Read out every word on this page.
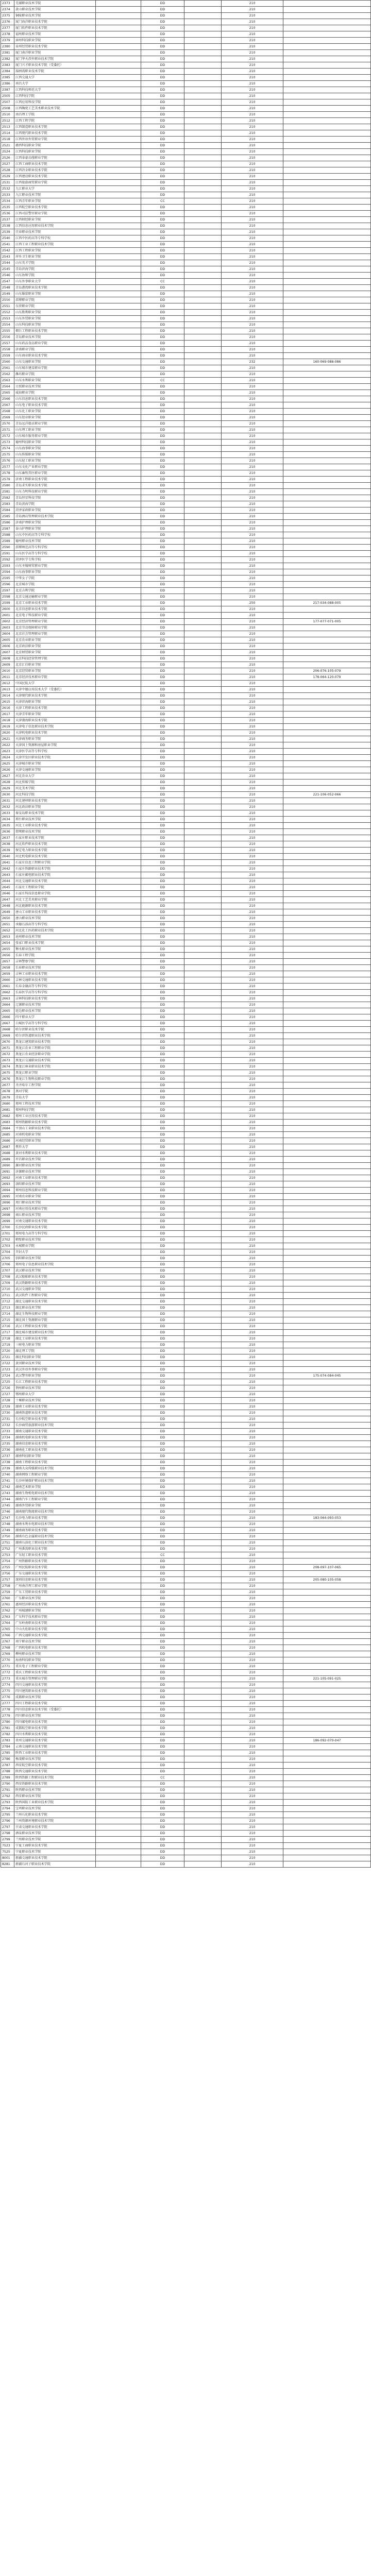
2373	芜湖职业技术学院		DD		210	
2374	黄山职业技术学院		DD		210	
2375	铜陵职业技术学院		DD		210	
2376	厦门海洋职业技术学院		DD		210	
2377	厦门软件职业技术学院		DD		210	
2378	福州职业技术学院		DD		210	
2379	漳州科技职业学院		DD		210	
2380	泉州经贸职业技术学院		DD		210	
2381	厦门南洋职业学院		DD		210	
2382	厦门华天涉外职业技术学院		DD		210	
2383	厦门兴才职业技术学院（受委托）		DD		210	
2384	湄洲湾职业技术学院		DD		210	
2385	江西交通大学		DD		210	
2386	南昌大学		DD		210	
2387	江西科技师范大学		DD		210	
2505	江西科技学院		DD		210	
2507	江西应用科技学院		DD		210	
2508	江西陶瓷工艺美术职业技术学院		DD		210	
2510	南昌理工学院		DD		210	
2512	江西工程学院		DD		210	
2513	江西制造职业技术学院		DD		210	
2514	江西现代职业技术学院		DD		210	
2518	江西外语外贸职业学院		DD		210	
2521	赣西科技职业学院		DD		210	
2524	江西科技职业学院		DD		210	
2526	江西泰豪动漫职业学院		DD		210	
2527	江西工商职业技术学院		DD		210	
2528	江西冶金职业技术学院		DD		210	
2529	江西建设职业技术学院		DD		210	
2531	江西旅游商贸职业学院		DD		210	
2532	九江职业大学		DD		210	
2533	九江职业技术学院		DD		210	
2534	江西青年职业学院		CC		210	
2535	江西航空职业技术学院		DD		210	
2536	江西司法警官职业学院		DD		210	
2537	江西财经职业学院		DD		210	
2538	江西信息应用职业技术学院		DD		210	
2539	宜春职业技术学院		DD		210	
2540	江西中医药高等专科学校		DD		210	
2541	江西工业工程职业技术学院		DD		210	
2542	江西工程职业学院		DD		210	
2543	萍乡卫生职业学院		DD		210	
2544	山东英才学院		DD		210	
2545	青岛滨海学院		DD		210	
2546	山东协和学院		DD		210	
2547	山东外事职业大学		CC		210	
2548	青岛港湾职业技术学院		DD		210	
2549	山东服装职业学院		DD		210	
2550	淄博职业学院		DD		210	
2551	东营职业学院		DD		210	
2552	山东胜利职业学院		DD		210	
2553	山东外贸职业学院		DD		210	
2554	山东科技职业学院		DD		210	
2555	烟台工程职业技术学院		DD		210	
2556	青岛职业技术学院		DD		210	
2557	山东药品食品职业学院		DD		210	
2558	济南职业学院		DD		210	
2559	山东商业职业技术学院		DD		210	
2560	山东交通职业学院		DD		232	160-069-088-086
2561	山东城市建设职业学院		DD		210	
2562	潍坊职业学院		DD		210	
2563	山东水利职业学院		CC		210	
2564	日照职业技术学院		DD		210	
2565	威海职业学院		DD		210	
2566	山东信息职业技术学院		DD		210	
2567	山东电子职业技术学院		DD		210	
2568	山东化工职业学院		DD		210	
2569	山东铝业职业学院		DD		210	
2570	青岛远洋船员职业学院		DD		210	
2571	山东理工职业学院		DD		210	
2572	山东城市服务职业学院		DD		210	
2573	德州科技职业学院		DD		210	
2574	山东海事职业学院		DD		210	
2575	山东传媒职业学院		DD		210	
2576	山东轻工职业学院		DD		210	
2577	山东文化产业职业学院		DD		210	
2578	山东畜牧兽医职业学院		DD		210	
2579	济南工程职业技术学院		DD		210	
2580	青岛求实职业技术学院		DD		210	
2581	山东力明科技职业学院		DD		210	
2582	青岛恒星科技学院		DD		210	
2583	青岛黄海学院		DD		210	
2584	菏泽家政职业学院		DD		210	
2585	青岛酒店管理职业技术学院		DD		210	
2586	济南护理职业学院		DD		210	
2587	泰山护理职业学院		DD		210	
2588	山东中医药高等专科学校		DD		210	
2589	德州职业技术学院		DD		210	
2590	淄博师范高等专科学校		DD		210	
2591	山东医学高等专科学校		DD		210	
2592	菏泽医学专科学校		DD		210	
2593	山东圣翰财贸职业学院		DD		210	
2594	山东海事职业学院		DD		210	
2595	中华女子学院		DD		210	
2596	北京城市学院		DD		210	
2597	北京吉利学院		DD		210	
2598	北京交通运输职业学院		DD		210	
2599	北京工业职业技术学院		DD		250	217-034-088-005
2600	北京信息职业技术学院		DD		210	
2601	北京电子科技职业学院		DD		210	
2602	北京经济管理职业学院		DD		210	177-077-071-005
2603	北京劳动保障职业学院		DD		210	
2604	北京社会管理职业学院		DD		210	
2605	北京农业职业学院		DD		210	
2606	北京政法职业学院		DD		210	
2607	北京财贸职业学院		DD		210	
2608	北京科技经营管理学院		DD		210	
2609	北京汇佳职业学院		DD		210	
2610	北京经贸职业学院		DD		210	206-076-105-079
2611	北京经济技术职业学院		DD		210	178-064-120-079
2612	中国民航大学		DD		210	
2613	天津中德应用技术大学（受委托）		DD		210	
2614	天津现代职业技术学院		DD		210	
2615	天津滨海职业学院		DD		210	
2616	天津工程职业技术学院		DD		210	
2617	天津青年职业学院		DD		210	
2618	天津渤海职业技术学院		DD		210	
2619	天津电子信息职业技术学院		DD		210	
2620	天津机电职业技术学院		DD		210	
2621	天津商务职业学院		DD		210	
2622	天津国土资源和房屋职业学院		DD		210	
2623	天津医学高等专科学校		DD		210	
2624	天津开发区职业技术学院		DD		210	
2625	天津城市职业学院		DD		210	
2626	天津交通职业学院		DD		210	
2627	河北农业大学		DD		210	
2628	河北传媒学院		DD		210	
2629	河北美术学院		DD		210	
2630	河北科技学院		DD		210	221-106-052-066
2631	河北建材职业技术学院		DD		210	
2632	河北政法职业学院		DD		210	
2633	秦皇岛职业技术学院		DD		210	
2634	邢台职业技术学院		DD		210	
2635	河北工业职业技术学院		DD		210	
2636	邯郸职业技术学院		DD		210	
2637	石家庄职业技术学院		DD		210	
2638	河北软件职业技术学院		DD		210	
2639	保定电力职业技术学院		DD		210	
2640	河北机电职业技术学院		DD		210	
2641	石家庄信息工程职业学院		DD		210	
2642	石家庄铁路职业技术学院		DD		210	
2643	石家庄邮电职业技术学院		DD		210	
2644	河北交通职业技术学院		DD		210	
2645	石家庄工程职业学院		DD		210	
2646	石家庄科技信息职业学院		DD		210	
2647	河北工艺美术职业学院		DD		210	
2648	河北能源职业技术学院		DD		210	
2649	唐山工业职业技术学院		DD		210	
2650	唐山职业技术学院		DD		210	
2651	承德石油高等专科学校		DD		210	
2652	河北化工医药职业技术学院		DD		210	
2653	沧州职业技术学院		DD		210	
2654	张家口职业技术学院		DD		210	
2655	衡水职业技术学院		DD		210	
2656	长春工程学院		DD		210	
2657	吉林警察学院		DD		210	
2658	长春职业技术学院		DD		210	
2659	吉林工业职业技术学院		DD		210	
2660	吉林交通职业技术学院		DD		210	
2661	长春金融高等专科学校		DD		210	
2662	长春医学高等专科学校		DD		210	
2663	吉林科技职业技术学院		DD		210	
2664	辽源职业技术学院		DD		210	
2665	延边职业技术学院		DD		210	
2666	四平职业大学		DD		210	
2667	白城医学高等专科学校		DD		210	
2668	哈尔滨职业技术学院		DD		210	
2669	哈尔滨铁道职业技术学院		DD		210	
2670	黑龙江建筑职业技术学院		DD		210	
2671	黑龙江农业工程职业学院		DD		210	
2672	黑龙江农业经济职业学院		DD		210	
2673	黑龙江交通职业技术学院		DD		210	
2674	黑龙江林业职业技术学院		DD		210	
2675	黑龙江职业学院		DD		210	
2676	黑龙江生物科技职业学院		DD		210	
2677	齐齐哈尔工程学院		DD		210	
2678	黑河学院		DD		210	
2679	青岛大学		DD		210	
2680	郑州工程技术学院		DD		210	
2681	郑州科技学院		DD		210	
2682	郑州工业应用技术学院		DD		210	
2683	郑州铁路职业技术学院		DD		210	
2684	平顶山工业职业技术学院		DD		210	
2685	河南机电职业学院		DD		210	
2686	河南经贸职业学院		DD		210	
2687	焦作大学		DD		210	
2688	黄河水利职业技术学院		DD		210	
2689	许昌职业技术学院		DD		210	
2690	漯河职业技术学院		DD		210	
2691	济源职业技术学院		DD		210	
2692	河南工业职业技术学院		DD		210	
2693	洛阳职业技术学院		DD		210	
2694	郑州信息科技职业学院		DD		210	
2695	河南农业职业学院		DD		210	
2696	周口职业技术学院		DD		210	
2697	河南应用技术职业学院		DD		210	
2698	商丘职业技术学院		DD		210	
2699	河南交通职业技术学院		DD		210	
2700	长沙民政职业技术学院		DD		210	
2701	郑州电力高等专科学校		DD		210	
2702	鹤壁职业技术学院		DD		210	
2703	永城职业学院		DD		210	
2704	开封大学		DD		210	
2705	信阳职业技术学院		DD		210	
2706	郑州电子信息职业技术学院		DD		210	
2707	武汉职业技术学院		DD		210	
2708	武汉船舶职业技术学院		DD		210	
2709	武汉铁路职业技术学院		DD		210	
2710	武汉交通职业学院		DD		210	
2711	武汉软件工程职业学院		DD		210	
2712	湖北交通职业技术学院		DD		210	
2713	湖北职业技术学院		DD		210	
2714	湖北生物科技职业学院		DD		210	
2715	湖北国土资源职业学院		DD		210	
2716	武汉工程职业技术学院		DD		210	
2717	湖北城市建设职业技术学院		DD		210	
2718	湖北工业职业技术学院		DD		210	
2719	三峡电力职业学院		DD		210	
2720	湖北理工学院		DD		210	
2721	湖北科技职业学院		DD		210	
2722	黄冈职业技术学院		DD		210	
2723	武汉外语外事职业学院		DD		210	
2724	武汉警官职业学院		DD		210	175-074-084-045
2725	长江工程职业技术学院		DD		210	
2726	荆州职业技术学院		DD		210	
2727	鄂州职业大学		DD		210	
2728	十堰职业技术学院		DD		210	
2729	湖南工业职业技术学院		DD		210	
2730	湖南铁道职业技术学院		DD		210	
2731	长沙航空职业技术学院		DD		210	
2732	长沙商贸旅游职业技术学院		DD		210	
2733	湖南交通职业技术学院		DD		210	
2734	湖南机电职业技术学院		DD		210	
2735	湖南信息职业技术学院		DD		210	
2736	湖南化工职业技术学院		DD		210	
2737	湖南科技职业学院		DD		210	
2738	湖南工程职业技术学院		DD		210	
2739	湖南大众传媒职业技术学院		DD		210	
2740	湖南网络工程职业学院		DD		210	
2741	长沙环境保护职业技术学院		DD		210	
2742	湖南艺术职业学院		DD		210	
2743	湖南生物机电职业技术学院		DD		210	
2744	湖南汽车工程职业学院		DD		210	
2745	湖南外贸职业学院		DD		210	
2746	湖南现代物流职业技术学院		DD		210	
2747	长沙电力职业技术学院		DD		210	183-064-093-053
2748	湖南水利水电职业技术学院		DD		210	
2749	湖南商务职业技术学院		DD		210	
2750	湖南有色金属职业技术学院		DD		210	
2751	湖南石油化工职业技术学院		DD		210	
2752	广州番禺职业技术学院		DD		210	
2753	广东轻工职业技术学院		CC		210	
2754	广州铁路职业技术学院		DD		210	
2755	广州民航职业技术学院		DD		210	208-097-107-065
2756	广东交通职业技术学院		DD		210	
2757	深圳信息职业技术学院		DD		210	205-080-105-058
2758	广州南洋理工职业学院		DD		210	
2759	广东工贸职业技术学院		DD		210	
2760	广东职业技术学院		DD		210	
2761	惠州经济职业技术学院		DD		210	
2762	广州城建职业学院		DD		210	
2763	广东科学技术职业学院		DD		210	
2764	广东岭南职业技术学院		DD		210	
2765	中山火炬职业技术学院		DD		210	
2766	广西交通职业技术学院		DD		210	
2767	南宁职业技术学院		DD		210	
2768	广西机电职业技术学院		DD		210	
2769	柳州职业技术学院		DD		210	
2770	海南科技职业学院		DD		210	
2771	重庆电子工程职业学院		DD		210	
2772	重庆工程职业技术学院		DD		210	
2773	重庆城市管理职业学院		DD		210	221-105-091-025
2774	四川交通职业技术学院		DD		210	
2775	四川建筑职业技术学院		DD		210	
2776	成都职业技术学院		DD		210	
2777	四川工程职业技术学院		DD		210	
2778	四川信息职业技术学院（受委托）		DD		210	
2779	四川职业技术学院		DD		210	
2780	四川邮电职业技术学院		DD		210	
2781	成都航空职业技术学院		DD		210	
2782	四川水利职业技术学院		DD		210	
2783	贵州交通职业技术学院		DD		210	186-092-070-047
2784	云南交通职业技术学院		DD		210	
2785	陕西工业职业技术学院		DD		210	
2786	杨凌职业技术学院		DD		210	
2787	西安航空职业技术学院		DD		210	
2788	陕西交通职业技术学院		DD		210	
2789	陕西铁路工程职业技术学院		CC		210	
2790	西安铁路职业技术学院		DD		210	
2791	陕西职业技术学院		DD		210	
2792	西安职业技术学院		DD		210	
2793	陕西国防工业职业技术学院		DD		210	
2794	宝鸡职业技术学院		DD		210	
2795	兰州石化职业技术学院		DD		210	
2796	兰州资源环境职业技术学院		DD		210	
2797	甘肃交通职业技术学院		DD		210	
2798	酒泉职业技术学院		DD		210	
2799	兰州职业技术学院		DD		210	
7523	宁夏工商职业技术学院		DD		210	
7525	宁夏职业技术学院		DD		210	
8001	新疆交通职业技术学院		DD		210	
8281	新疆石河子职业技术学院		DD		210	
